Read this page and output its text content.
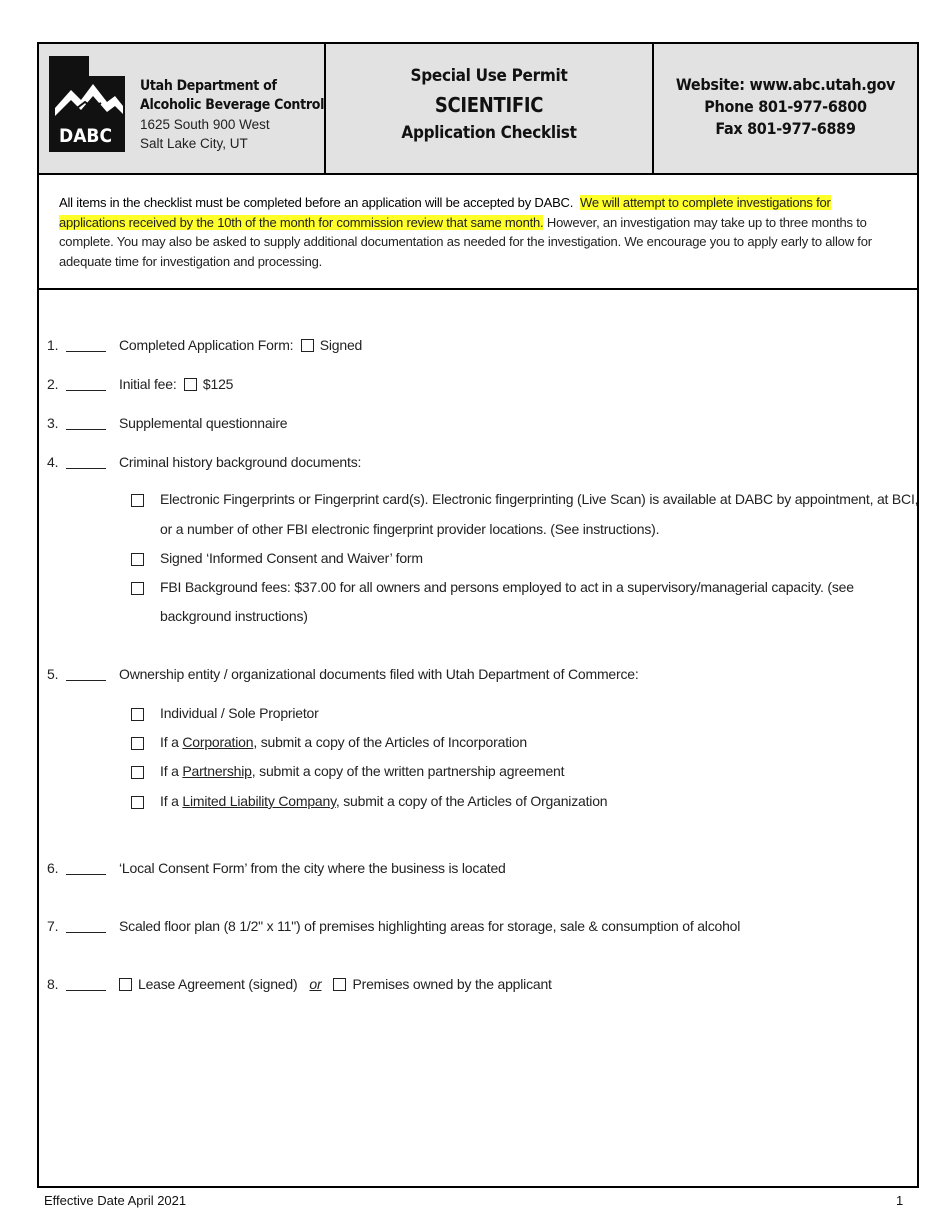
DABC
Utah Department of
Alcoholic Beverage Control
1625 South 900 West
Salt Lake City, UT
Special Use Permit
SCIENTIFIC
Application Checklist
Website: www.abc.utah.gov
Phone 801-977-6800
Fax 801-977-6889

All items in the checklist must be completed before an application will be accepted by DABC. We will attempt to complete investigations for applications received by the 10th of the month for commission review that same month. However, an investigation may take up to three months to complete. You may also be asked to supply additional documentation as needed for the investigation. We encourage you to apply early to allow for adequate time for investigation and processing.

1.	Completed Application Form: Signed
2.	Initial fee: $125
3.	Supplemental questionnaire
4.	Criminal history background documents:
Electronic Fingerprints or Fingerprint card(s). Electronic fingerprinting (Live Scan) is available at DABC by appointment, at BCI,
or a number of other FBI electronic fingerprint provider locations. (See instructions).
Signed ‘Informed Consent and Waiver’ form
FBI Background fees: $37.00 for all owners and persons employed to act in a supervisory/managerial capacity. (see
background instructions)
5.	Ownership entity / organizational documents filed with Utah Department of Commerce:
Individual / Sole Proprietor
If a Corporation, submit a copy of the Articles of Incorporation
If a Partnership, submit a copy of the written partnership agreement
If a Limited Liability Company, submit a copy of the Articles of Organization
6.	‘Local Consent Form’ from the city where the business is located
7.	Scaled floor plan (8 1/2" x 11") of premises highlighting areas for storage, sale & consumption of alcohol
8.	Lease Agreement (signed) or Premises owned by the applicant
Effective Date April 2021	1
